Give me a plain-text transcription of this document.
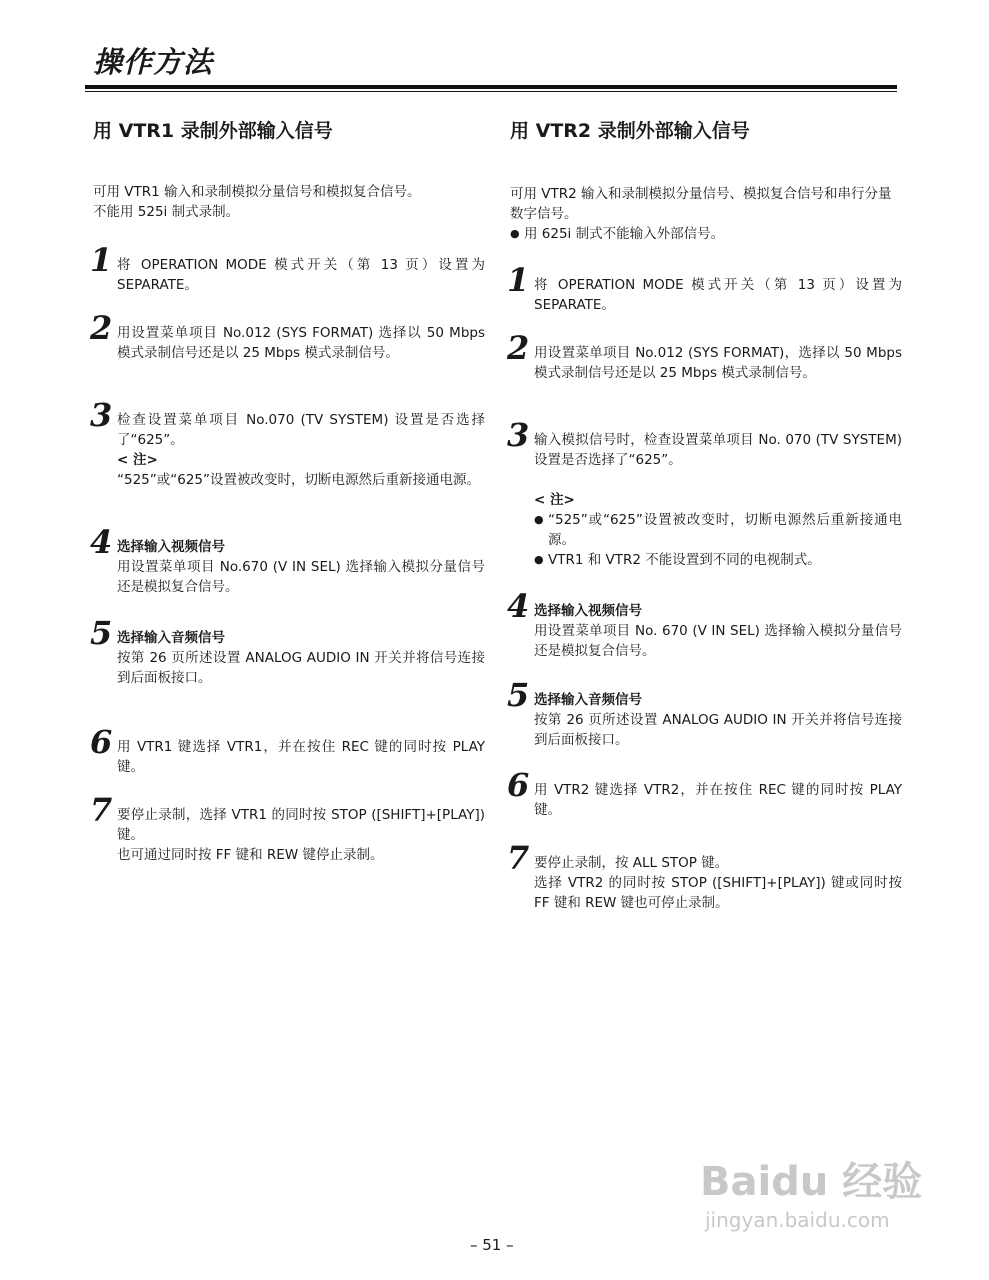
操作方法
用 VTR1 录制外部输入信号
可用 VTR1 输入和录制模拟分量信号和模拟复合信号。
不能用 525i 制式录制。
1 将 OPERATION MODE 模式开关（第 13 页）设置为 SEPARATE。
2 用设置菜单项目 No.012 (SYS FORMAT) 选择以 50 Mbps 模式录制信号还是以 25 Mbps 模式录制信号。
3 检查设置菜单项目 No.070 (TV SYSTEM) 设置是否选择了“625”。
< 注>
“525”或“625”设置被改变时，切断电源然后重新接通电源。
4 选择输入视频信号
用设置菜单项目 No.670 (V IN SEL) 选择输入模拟分量信号还是模拟复合信号。
5 选择输入音频信号
按第 26 页所述设置 ANALOG AUDIO IN 开关并将信号连接到后面板接口。
6 用 VTR1 键选择 VTR1，并在按住 REC 键的同时按 PLAY 键。
7 要停止录制，选择 VTR1 的同时按 STOP ([SHIFT]+[PLAY]) 键。
也可通过同时按 FF 键和 REW 键停止录制。
用 VTR2 录制外部输入信号
可用 VTR2 输入和录制模拟分量信号、模拟复合信号和串行分量数字信号。
● 用 625i 制式不能输入外部信号。
1 将 OPERATION MODE 模式开关（第 13 页）设置为 SEPARATE。
2 用设置菜单项目 No.012 (SYS FORMAT)，选择以 50 Mbps 模式录制信号还是以 25 Mbps 模式录制信号。
3 输入模拟信号时，检查设置菜单项目 No. 070 (TV SYSTEM) 设置是否选择了“625”。
< 注>
● “525”或“625”设置被改变时，切断电源然后重新接通电源。
● VTR1 和 VTR2 不能设置到不同的电视制式。
4 选择输入视频信号
用设置菜单项目 No. 670 (V IN SEL) 选择输入模拟分量信号还是模拟复合信号。
5 选择输入音频信号
按第 26 页所述设置 ANALOG AUDIO IN 开关并将信号连接到后面板接口。
6 用 VTR2 键选择 VTR2，并在按住 REC 键的同时按 PLAY 键。
7 要停止录制，按 ALL STOP 键。
选择 VTR2 的同时按 STOP ([SHIFT]+[PLAY]) 键或同时按 FF 键和 REW 键也可停止录制。
Baidu 经验
jingyan.baidu.com
– 51 –
